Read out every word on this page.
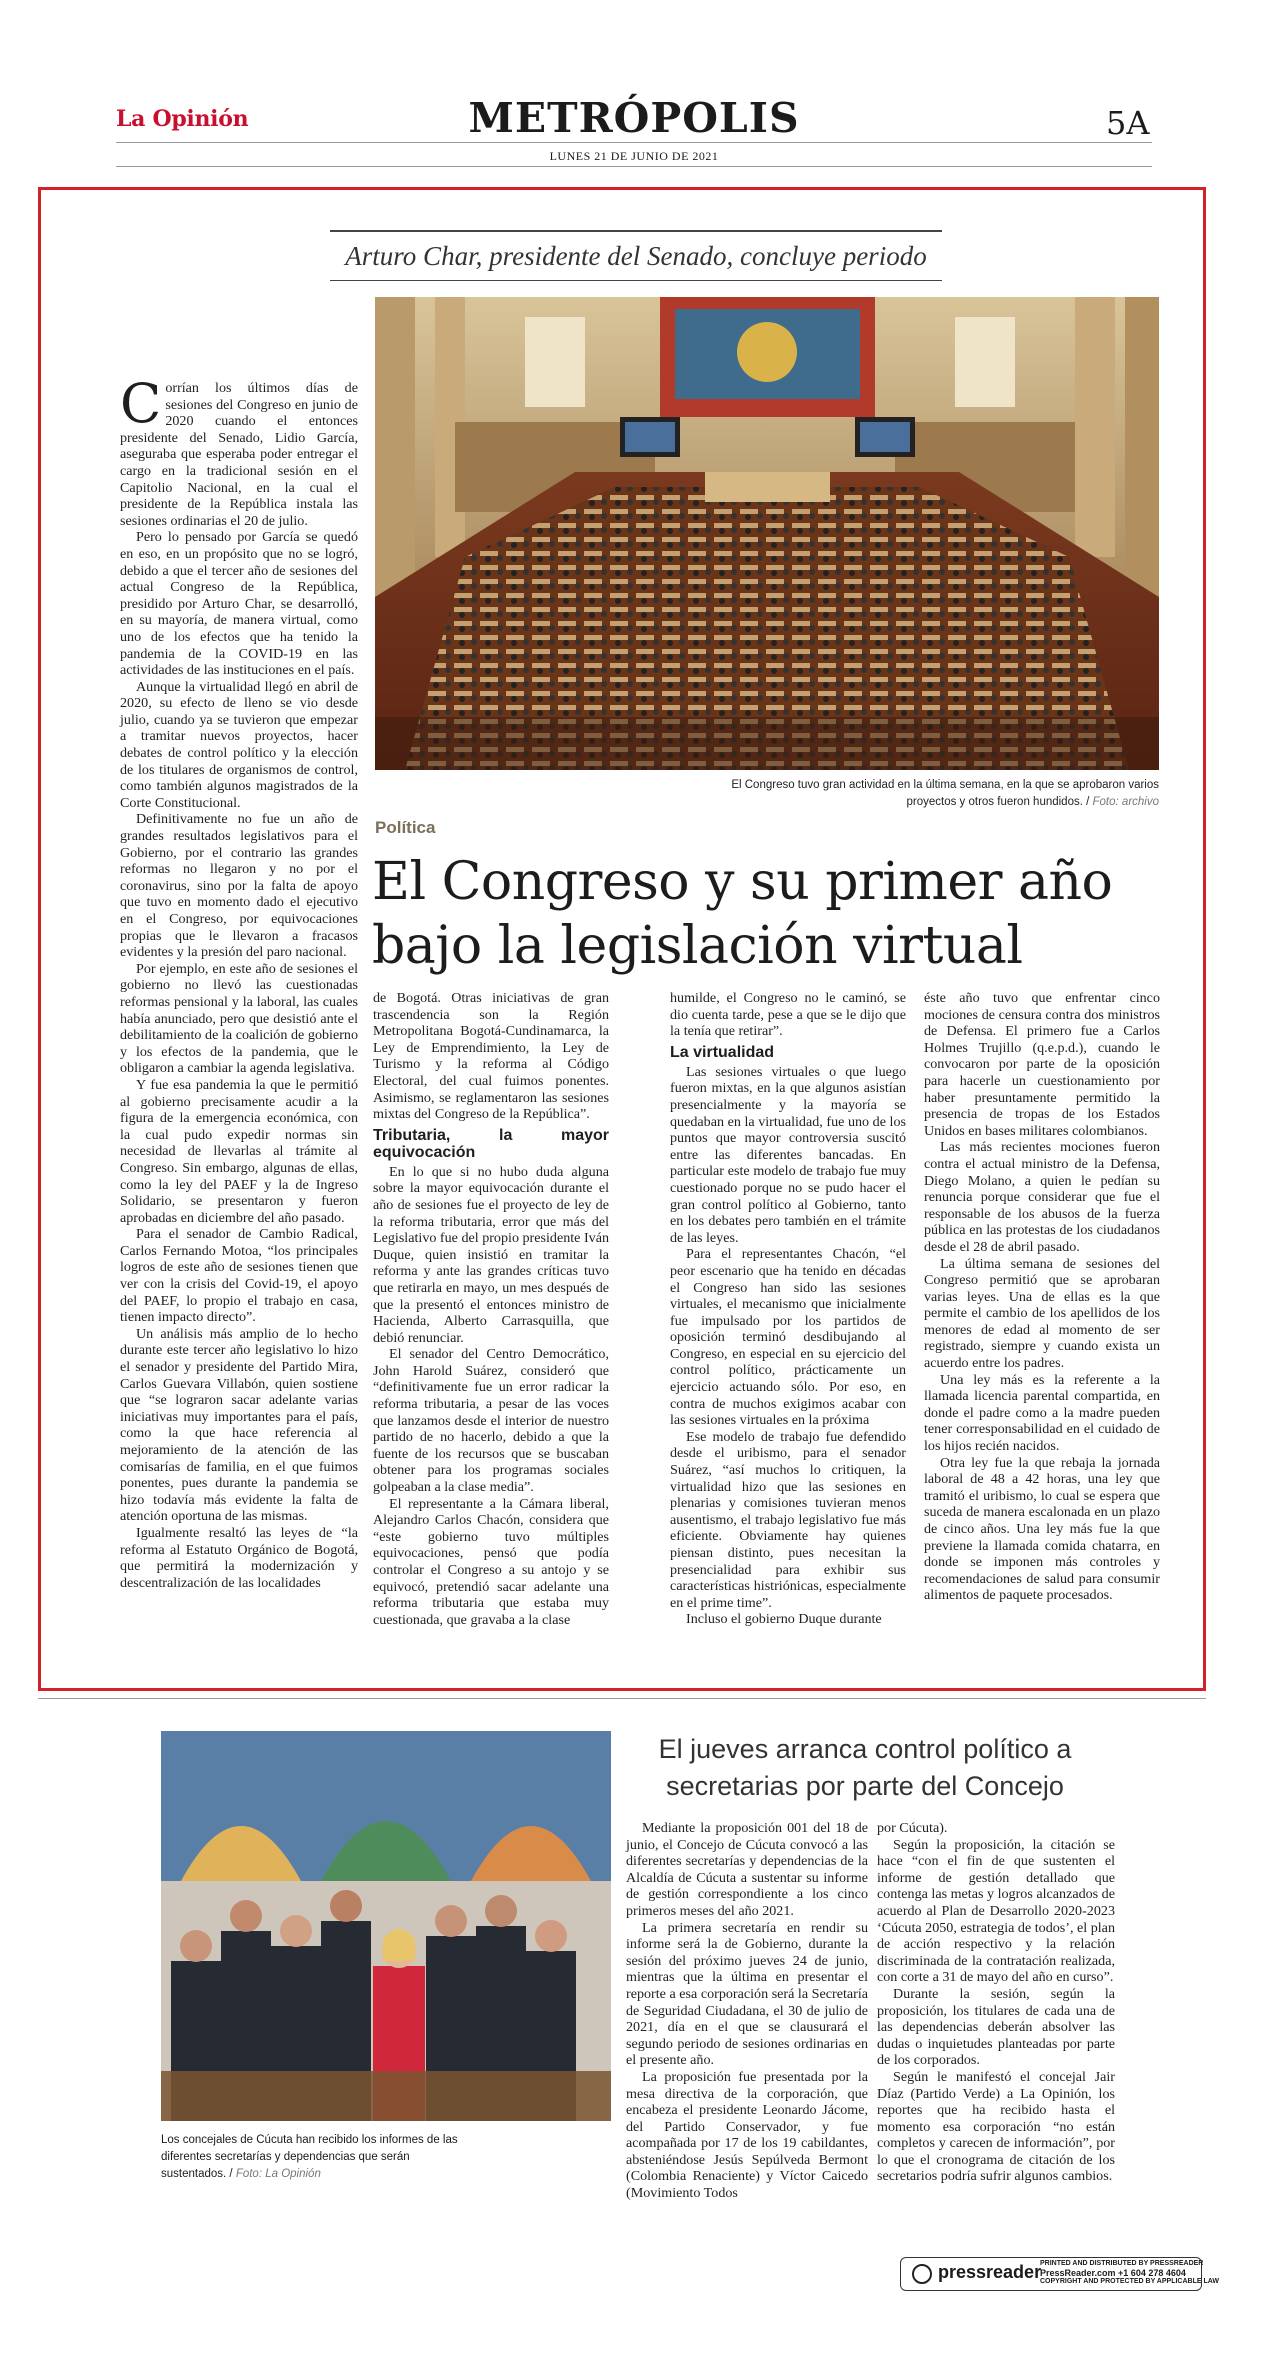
La Opinión	METRÓPOLIS	5A
LUNES 21 DE JUNIO DE 2021
Arturo Char, presidente del Senado, concluye periodo
El Congreso tuvo gran actividad en la última semana, en la que se aprobaron varios proyectos y otros fueron hundidos. / Foto: archivo
Política
El Congreso y su primer año bajo la legislación virtual

Corrían los últimos días de sesiones del Congreso en junio de 2020 cuando el entonces presidente del Senado, Lidio García, aseguraba que esperaba poder entregar el cargo en la tradicional sesión en el Capitolio Nacional, en la cual el presidente de la República instala las sesiones ordinarias el 20 de julio.

Pero lo pensado por García se quedó en eso, en un propósito que no se logró, debido a que el tercer año de sesiones del actual Congreso de la República, presidido por Arturo Char, se desarrolló, en su mayoría, de manera virtual, como uno de los efectos que ha tenido la pandemia de la COVID-19 en las actividades de las instituciones en el país.

Aunque la virtualidad llegó en abril de 2020, su efecto de lleno se vio desde julio, cuando ya se tuvieron que empezar a tramitar nuevos proyectos, hacer debates de control político y la elección de los titulares de organismos de control, como también algunos magistrados de la Corte Constitucional.

Definitivamente no fue un año de grandes resultados legislativos para el Gobierno, por el contrario las grandes reformas no llegaron y no por el coronavirus, sino por la falta de apoyo que tuvo en momento dado el ejecutivo en el Congreso, por equivocaciones propias que le llevaron a fracasos evidentes y la presión del paro nacional.

Por ejemplo, en este año de sesiones el gobierno no llevó las cuestionadas reformas pensional y la laboral, las cuales había anunciado, pero que desistió ante el debilitamiento de la coalición de gobierno y los efectos de la pandemia, que le obligaron a cambiar la agenda legislativa.

Y fue esa pandemia la que le permitió al gobierno precisamente acudir a la figura de la emergencia económica, con la cual pudo expedir normas sin necesidad de llevarlas al trámite al Congreso. Sin embargo, algunas de ellas, como la ley del PAEF y la de Ingreso Solidario, se presentaron y fueron aprobadas en diciembre del año pasado.

Para el senador de Cambio Radical, Carlos Fernando Motoa, “los principales logros de este año de sesiones tienen que ver con la crisis del Covid-19, el apoyo del PAEF, lo propio el trabajo en casa, tienen impacto directo”.

Un análisis más amplio de lo hecho durante este tercer año legislativo lo hizo el senador y presidente del Partido Mira, Carlos Guevara Villabón, quien sostiene que “se lograron sacar adelante varias iniciativas muy importantes para el país, como la que hace referencia al mejoramiento de la atención de las comisarías de familia, en el que fuimos ponentes, pues durante la pandemia se hizo todavía más evidente la falta de atención oportuna de las mismas.

Igualmente resaltó las leyes de “la reforma al Estatuto Orgánico de Bogotá, que permitirá la modernización y descentralización de las localidades

de Bogotá. Otras iniciativas de gran trascendencia son la Región Metropolitana Bogotá-Cundinamarca, la Ley de Emprendimiento, la Ley de Turismo y la reforma al Código Electoral, del cual fuimos ponentes. Asimismo, se reglamentaron las sesiones mixtas del Congreso de la República”.

Tributaria, la mayor equivocación

En lo que si no hubo duda alguna sobre la mayor equivocación durante el año de sesiones fue el proyecto de ley de la reforma tributaria, error que más del Legislativo fue del propio presidente Iván Duque, quien insistió en tramitar la reforma y ante las grandes críticas tuvo que retirarla en mayo, un mes después de que la presentó el entonces ministro de Hacienda, Alberto Carrasquilla, que debió renunciar.

El senador del Centro Democrático, John Harold Suárez, consideró que “definitivamente fue un error radicar la reforma tributaria, a pesar de las voces que lanzamos desde el interior de nuestro partido de no hacerlo, debido a que la fuente de los recursos que se buscaban obtener para los programas sociales golpeaban a la clase media”.

El representante a la Cámara liberal, Alejandro Carlos Chacón, considera que “este gobierno tuvo múltiples equivocaciones, pensó que podía controlar el Congreso a su antojo y se equivocó, pretendió sacar adelante una reforma tributaria que estaba muy cuestionada, que gravaba a la clase

humilde, el Congreso no le caminó, se dio cuenta tarde, pese a que se le dijo que la tenía que retirar”.

La virtualidad

Las sesiones virtuales o que luego fueron mixtas, en la que algunos asistían presencialmente y la mayoría se quedaban en la virtualidad, fue uno de los puntos que mayor controversia suscitó entre las diferentes bancadas. En particular este modelo de trabajo fue muy cuestionado porque no se pudo hacer el gran control político al Gobierno, tanto en los debates pero también en el trámite de las leyes.

Para el representantes Chacón, “el peor escenario que ha tenido en décadas el Congreso han sido las sesiones virtuales, el mecanismo que inicialmente fue impulsado por los partidos de oposición terminó desdibujando al Congreso, en especial en su ejercicio del control político, prácticamente un ejercicio actuando sólo. Por eso, en contra de muchos exigimos acabar con las sesiones virtuales en la próxima

Ese modelo de trabajo fue defendido desde el uribismo, para el senador Suárez, “así muchos lo critiquen, la virtualidad hizo que las sesiones en plenarias y comisiones tuvieran menos ausentismo, el trabajo legislativo fue más eficiente. Obviamente hay quienes piensan distinto, pues necesitan la presencialidad para exhibir sus características histriónicas, especialmente en el prime time”.

Incluso el gobierno Duque durante

éste año tuvo que enfrentar cinco mociones de censura contra dos ministros de Defensa. El primero fue a Carlos Holmes Trujillo (q.e.p.d.), cuando le convocaron por parte de la oposición para hacerle un cuestionamiento por haber presuntamente permitido la presencia de tropas de los Estados Unidos en bases militares colombianos.

Las más recientes mociones fueron contra el actual ministro de la Defensa, Diego Molano, a quien le pedían su renuncia porque considerar que fue el responsable de los abusos de la fuerza pública en las protestas de los ciudadanos desde el 28 de abril pasado.

La última semana de sesiones del Congreso permitió que se aprobaran varias leyes. Una de ellas es la que permite el cambio de los apellidos de los menores de edad al momento de ser registrado, siempre y cuando exista un acuerdo entre los padres.

Una ley más es la referente a la llamada licencia parental compartida, en donde el padre como a la madre pueden tener corresponsabilidad en el cuidado de los hijos recién nacidos.

Otra ley fue la que rebaja la jornada laboral de 48 a 42 horas, una ley que tramitó el uribismo, lo cual se espera que suceda de manera escalonada en un plazo de cinco años. Una ley más fue la que previene la llamada comida chatarra, en donde se imponen más controles y recomendaciones de salud para consumir alimentos de paquete procesados.

Los concejales de Cúcuta han recibido los informes de las diferentes secretarías y dependencias que serán sustentados. / Foto: La Opinión
El jueves arranca control político a secretarias por parte del Concejo

Mediante la proposición 001 del 18 de junio, el Concejo de Cúcuta convocó a las diferentes secretarías y dependencias de la Alcaldía de Cúcuta a sustentar su informe de gestión correspondiente a los cinco primeros meses del año 2021.

La primera secretaría en rendir su informe será la de Gobierno, durante la sesión del próximo jueves 24 de junio, mientras que la última en presentar el reporte a esa corporación será la Secretaría de Seguridad Ciudadana, el 30 de julio de 2021, día en el que se clausurará el segundo periodo de sesiones ordinarias en el presente año.

La proposición fue presentada por la mesa directiva de la corporación, que encabeza el presidente Leonardo Jácome, del Partido Conservador, y fue acompañada por 17 de los 19 cabildantes, absteniéndose Jesús Sepúlveda Bermont (Colombia Renaciente) y Víctor Caicedo (Movimiento Todos

por Cúcuta).

Según la proposición, la citación se hace “con el fin de que sustenten el informe de gestión detallado que contenga las metas y logros alcanzados de acuerdo al Plan de Desarrollo 2020-2023 ‘Cúcuta 2050, estrategia de todos’, el plan de acción respectivo y la relación discriminada de la contratación realizada, con corte a 31 de mayo del año en curso”.

Durante la sesión, según la proposición, los titulares de cada una de las dependencias deberán absolver las dudas o inquietudes planteadas por parte de los corporados.

Según le manifestó el concejal Jair Díaz (Partido Verde) a La Opinión, los reportes que ha recibido hasta el momento esa corporación “no están completos y carecen de información”, por lo que el cronograma de citación de los secretarios podría sufrir algunos cambios.

pressreader
PRINTED AND DISTRIBUTED BY PRESSREADER
PressReader.com +1 604 278 4604
COPYRIGHT AND PROTECTED BY APPLICABLE LAW
